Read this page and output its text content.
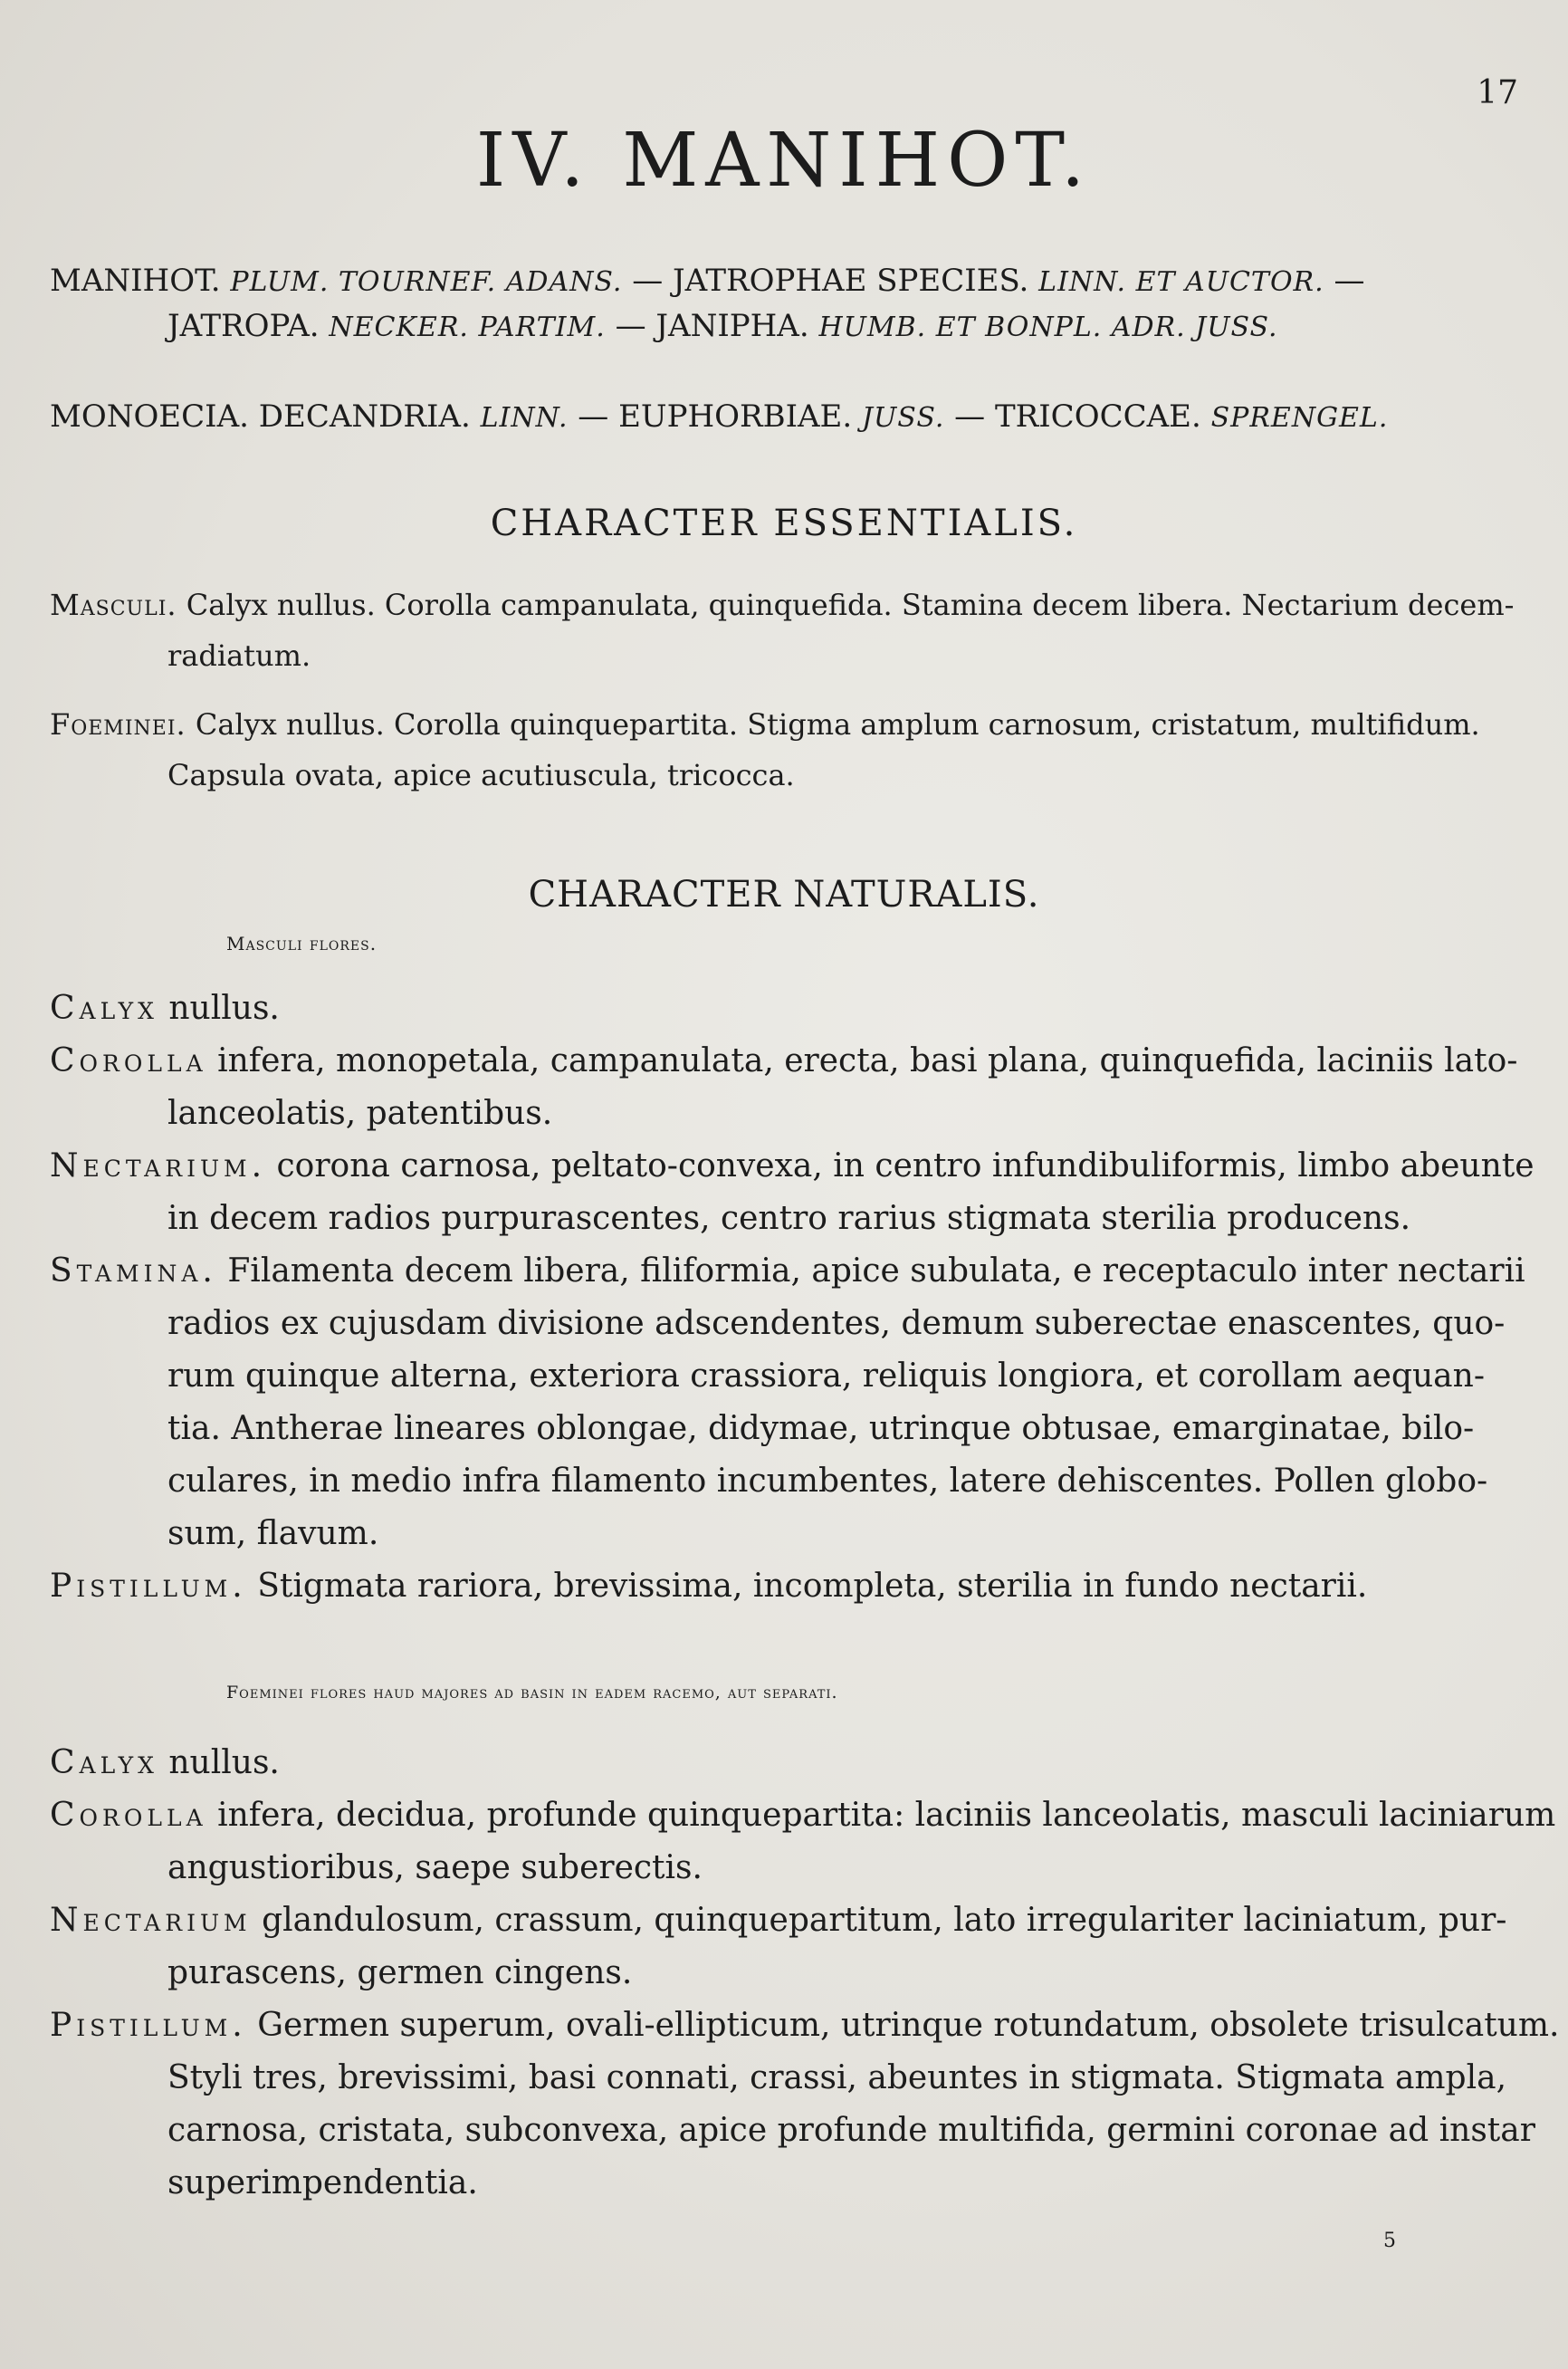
17
IV. MANIHOT.
MANIHOT. PLUM. TOURNEF. ADANS. — JATROPHAE SPECIES. LINN. ET AUCTOR. —
JATROPA. NECKER. PARTIM. — JANIPHA. HUMB. ET BONPL. ADR. JUSS.
MONOECIA. DECANDRIA. LINN. — EUPHORBIAE. JUSS. — TRICOCCAE. SPRENGEL.
CHARACTER ESSENTIALIS.
Masculi. Calyx nullus. Corolla campanulata, quinquefida. Stamina decem libera. Nectarium decem-
radiatum.
Foeminei. Calyx nullus. Corolla quinquepartita. Stigma amplum carnosum, cristatum, multifidum.
Capsula ovata, apice acutiuscula, tricocca.
CHARACTER NATURALIS.
Masculi flores.
Calyx nullus.
Corolla infera, monopetala, campanulata, erecta, basi plana, quinquefida, laciniis lato-
lanceolatis, patentibus.
Nectarium. corona carnosa, peltato-convexa, in centro infundibuliformis, limbo abeunte
in decem radios purpurascentes, centro rarius stigmata sterilia producens.
Stamina. Filamenta decem libera, filiformia, apice subulata, e receptaculo inter nectarii
radios ex cujusdam divisione adscendentes, demum suberectae enascentes, quo-
rum quinque alterna, exteriora crassiora, reliquis longiora, et corollam aequan-
tia. Antherae lineares oblongae, didymae, utrinque obtusae, emarginatae, bilo-
culares, in medio infra filamento incumbentes, latere dehiscentes. Pollen globo-
sum, flavum.
Pistillum. Stigmata rariora, brevissima, incompleta, sterilia in fundo nectarii.
Foeminei flores haud majores ad basin in eadem racemo, aut separati.
Calyx nullus.
Corolla infera, decidua, profunde quinquepartita: laciniis lanceolatis, masculi laciniarum
angustioribus, saepe suberectis.
Nectarium glandulosum, crassum, quinquepartitum, lato irregulariter laciniatum, pur-
purascens, germen cingens.
Pistillum. Germen superum, ovali-ellipticum, utrinque rotundatum, obsolete trisulcatum.
Styli tres, brevissimi, basi connati, crassi, abeuntes in stigmata. Stigmata ampla,
carnosa, cristata, subconvexa, apice profunde multifida, germini coronae ad instar
superimpendentia.
5
